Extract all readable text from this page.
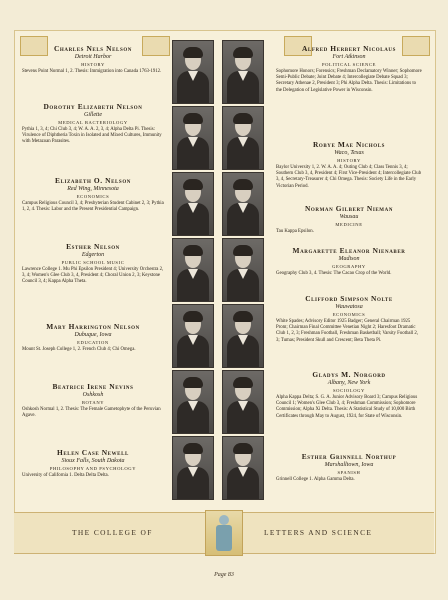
Charles Nels Nelson
Detroit Harbor
HISTORY
Stevens Point Normal 1, 2. Thesis: Immigration into Canada 1763-1912.
Dorothy Elizabeth Nelson
Gillette
MEDICAL BACTERIOLOGY
Pythia 1, 3, 4; Chi Club 3, 4; W. A. A. 2, 3, 4; Alpha Delta Pi. Thesis: Virulence of Diphtheria Toxin in Isolated and Mixed Cultures, Immunity with Metazoan Parasites.
Elizabeth O. Nelson
Red Wing, Minnesota
ECONOMICS
Campus Religious Council 3, 4; Presbyterian Student Cabinet 2, 3; Pythia 1, 2, 4. Thesis: Labor and the Present Presidential Campaign.
Esther Nelson
Edgerton
PUBLIC SCHOOL MUSIC
Lawrence College 1. Mu Phi Epsilon President 4; University Orchestra 2, 3, 4; Women's Glee Club 3, 4, President 4; Choral Union 2, 3; Keystone Council 3, 4; Kappa Alpha Theta.
Mary Harrington Nelson
Dubuque, Iowa
EDUCATION
Mount St. Joseph College 1, 2. French Club 4; Chi Omega.
Beatrice Irene Nevins
Oshkosh
BOTANY
Oshkosh Normal 1, 2. Thesis: The Female Gametophyte of the Peruvian Agave.
Helen Case Newell
Sioux Falls, South Dakota
PHILOSOPHY AND PSYCHOLOGY
University of California 1. Delta Delta Delta.
Alfred Herbert Nicolaus
Fort Atkinson
POLITICAL SCIENCE
Sophomore Honors; Forensics; Freshman Declamatory Winner; Sophomore Semi-Public Debate; Joint Debate 4; Intercollegiate Debate Squad 3; Secretary Athenae 2, President 3; Phi Alpha Delta. Thesis: Limitations to the Delegation of Legislative Power in Wisconsin.
Robye Mae Nichols
Waco, Texas
HISTORY
Baylor University 1, 2. W. A. A. 4; Outing Club 4; Class Tennis 3, 4; Southern Club 3, 4, President 4; First Vice-President 4; Intercollegiate Club 3, 4, Secretary-Treasurer 4; Chi Omega. Thesis: Society Life in the Early Victorian Period.
Norman Gilbert Nieman
Wausau
MEDICINE
Tau Kappa Epsilon.
Margarette Eleanor Nienaber
Madison
GEOGRAPHY
Geography Club 3, 4. Thesis: The Cacao Crop of the World.
Clifford Simpson Nolte
Wauwatosa
ECONOMICS
White Spades; Advisory Editor 1925 Badger; General Chairman 1925 Prom; Chairman Final Committee Venetian Night 2; Haresfoot Dramatic Club 1, 2, 3; Freshman Football, Freshman Basketball; Varsity Football 2, 3; Tumas; President Skull and Crescent; Beta Theta Pi.
Gladys M. Norgord
Albany, New York
SOCIOLOGY
Alpha Kappa Delta; S. G. A. Junior Advisory Board 3; Campus Religious Council 1; Women's Glee Club 3, 4; Freshman Commission; Sophomore Commission; Alpha Xi Delta. Thesis: A Statistical Study of 10,000 Birth Certificates through May to August, 1924, for State of Wisconsin.
Esther Grinnell Northup
Marshalltown, Iowa
SPANISH
Grinnell College 1. Alpha Gamma Delta.
THE COLLEGE OF	LETTERS AND SCIENCE
Page 83
